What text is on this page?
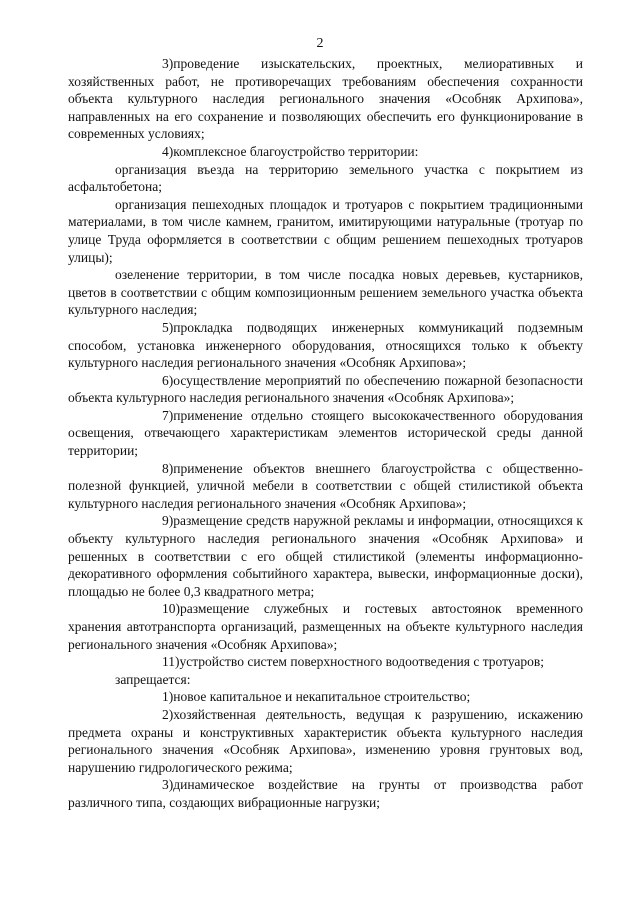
2

3)проведение изыскательских, проектных, мелиоративных и хозяйственных работ, не противоречащих требованиям обеспечения сохранности объекта культурного наследия регионального значения «Особняк Архипова», направленных на его сохранение и позволяющих обеспечить его функционирование в современных условиях;

4)комплексное благоустройство территории:

организация въезда на территорию земельного участка с покрытием из асфальтобетона;

организация пешеходных площадок и тротуаров с покрытием традиционными материалами, в том числе камнем, гранитом, имитирующими натуральные (тротуар по улице Труда оформляется в соответствии с общим решением пешеходных тротуаров улицы);

озеленение территории, в том числе посадка новых деревьев, кустарников, цветов в соответствии с общим композиционным решением земельного участка объекта культурного наследия;

5)прокладка подводящих инженерных коммуникаций подземным способом, установка инженерного оборудования, относящихся только к объекту культурного наследия регионального значения «Особняк Архипова»;

6)осуществление мероприятий по обеспечению пожарной безопасности объекта культурного наследия регионального значения «Особняк Архипова»;

7)применение отдельно стоящего высококачественного оборудования освещения, отвечающего характеристикам элементов исторической среды данной территории;

8)применение объектов внешнего благоустройства с общественно-полезной функцией, уличной мебели в соответствии с общей стилистикой объекта культурного наследия регионального значения «Особняк Архипова»;

9)размещение средств наружной рекламы и информации, относящихся к объекту культурного наследия регионального значения «Особняк Архипова» и решенных в соответствии с его общей стилистикой (элементы информационно-декоративного оформления событийного характера, вывески, информационные доски), площадью не более 0,3 квадратного метра;

10)размещение служебных и гостевых автостоянок временного хранения автотранспорта организаций, размещенных на объекте культурного наследия регионального значения «Особняк Архипова»;

11)устройство систем поверхностного водоотведения с тротуаров;

запрещается:

1)новое капитальное и некапитальное строительство;

2)хозяйственная деятельность, ведущая к разрушению, искажению предмета охраны и конструктивных характеристик объекта культурного наследия регионального значения «Особняк Архипова», изменению уровня грунтовых вод, нарушению гидрологического режима;

3)динамическое воздействие на грунты от производства работ различного типа, создающих вибрационные нагрузки;
